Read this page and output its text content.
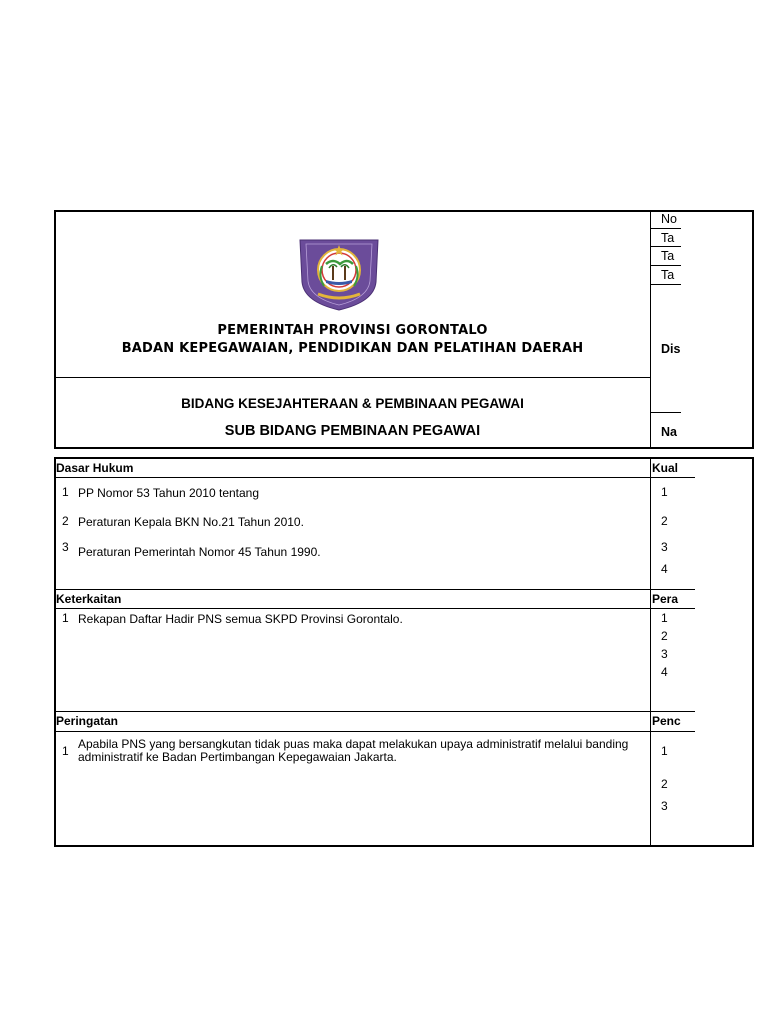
PEMERINTAH PROVINSI GORONTALO
BADAN KEPEGAWAIAN, PENDIDIKAN DAN PELATIHAN DAERAH
BIDANG KESEJAHTERAAN & PEMBINAAN PEGAWAI
SUB BIDANG PEMBINAAN PEGAWAI
No
Ta
Ta
Ta
Dis
Na
Dasar Hukum
1 PP Nomor 53 Tahun 2010 tentang
2 Peraturan Kepala BKN No.21 Tahun 2010.
3 Peraturan Pemerintah Nomor 45 Tahun 1990.
Kual
1
2
3
4
Keterkaitan
1 Rekapan Daftar Hadir PNS semua SKPD Provinsi Gorontalo.
Pera
1
2
3
4
Peringatan
1 Apabila PNS yang bersangkutan tidak puas maka dapat melakukan upaya administratif melalui banding administratif ke Badan Pertimbangan Kepegawaian Jakarta.
Penc
1
2
3
